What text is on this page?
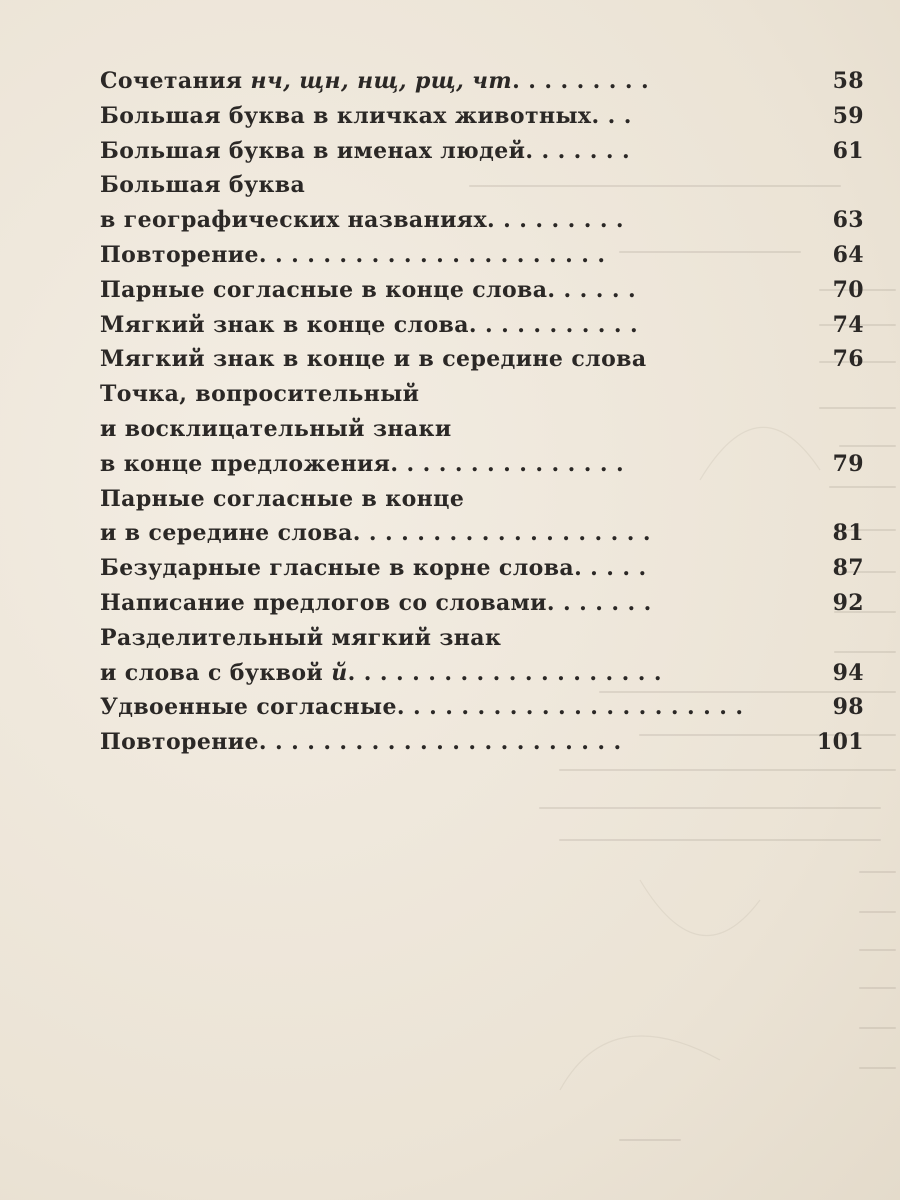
Сочетания нч, щн, нщ, рщ, чт . . . . . . . . .	58
Большая буква в кличках животных . . .	59
Большая буква в именах людей . . . . . . .	61
Большая буква
в географических названиях . . . . . . . . .	63
Повторение . . . . . . . . . . . . . . . . . . . . . .	64
Парные согласные в конце слова . . . . . .	70
Мягкий знак в конце слова . . . . . . . . . . .	74
Мягкий знак в конце и в середине слова	76
Точка, вопросительный
и восклицательный знаки
в конце предложения . . . . . . . . . . . . . . .	79
Парные согласные в конце
и в середине слова . . . . . . . . . . . . . . . . . . .	81
Безударные гласные в корне слова . . . . .	87
Написание предлогов со словами . . . . . . .	92
Разделительный мягкий знак
и слова с буквой й . . . . . . . . . . . . . . . . . . . .	94
Удвоенные согласные . . . . . . . . . . . . . . . . . . . . . .	98
Повторение . . . . . . . . . . . . . . . . . . . . . . .	101
